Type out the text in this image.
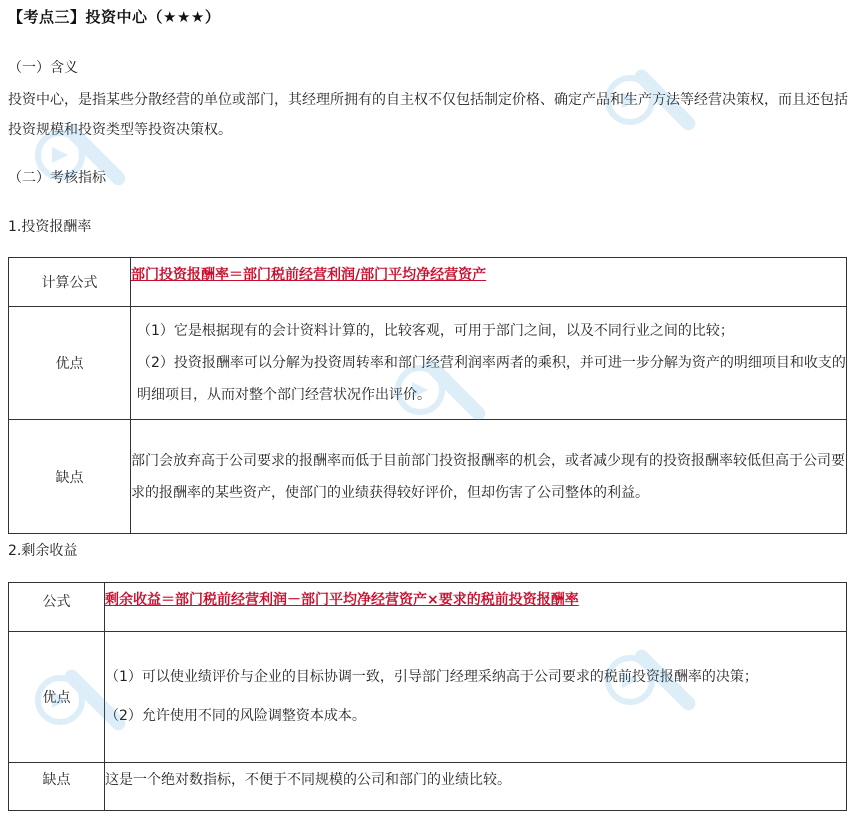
【考点三】投资中心（★★★）
（一）含义
投资中心，是指某些分散经营的单位或部门，其经理所拥有的自主权不仅包括制定价格、确定产品和生产方法等经营决策权，而且还包括投资规模和投资类型等投资决策权。
（二）考核指标
1.投资报酬率
计算公式	部门投资报酬率＝部门税前经营利润/部门平均净经营资产
优点	（1）它是根据现有的会计资料计算的，比较客观，可用于部门之间，以及不同行业之间的比较；
（2）投资报酬率可以分解为投资周转率和部门经营利润率两者的乘积，并可进一步分解为资产的明细项目和收支的明细项目，从而对整个部门经营状况作出评价。

缺点	部门会放弃高于公司要求的报酬率而低于目前部门投资报酬率的机会，或者减少现有的投资报酬率较低但高于公司要求的报酬率的某些资产，使部门的业绩获得较好评价，但却伤害了公司整体的利益。
2.剩余收益
公式	剩余收益＝部门税前经营利润－部门平均净经营资产×要求的税前投资报酬率
优点	（1）可以使业绩评价与企业的目标协调一致，引导部门经理采纳高于公司要求的税前投资报酬率的决策；
（2）允许使用不同的风险调整资本成本。

缺点	这是一个绝对数指标，不便于不同规模的公司和部门的业绩比较。
